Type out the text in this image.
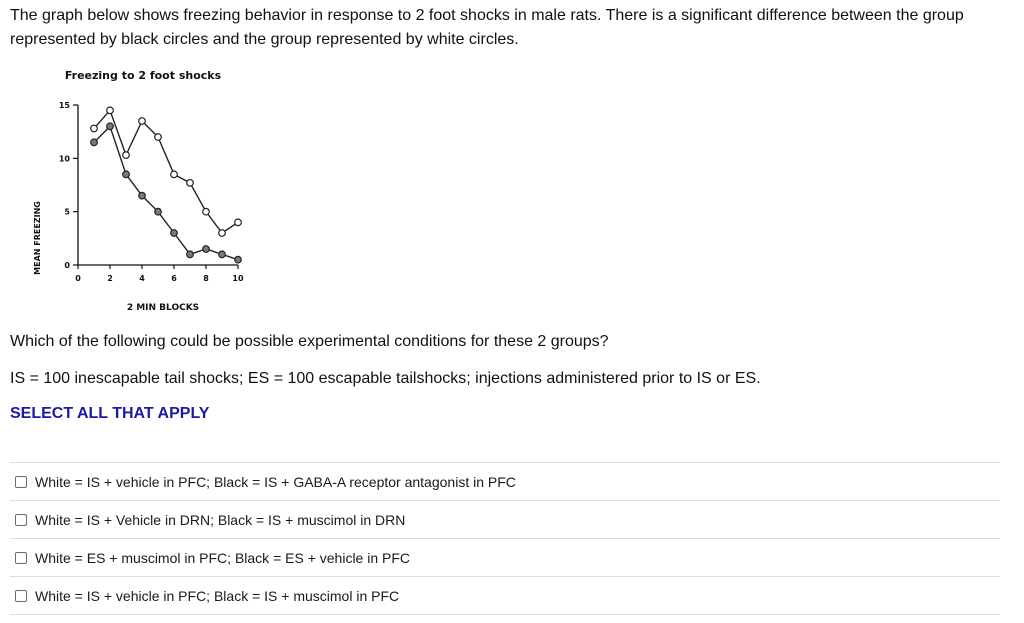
The graph below shows freezing behavior in response to 2 foot shocks in male rats. There is a significant difference between the group represented by black circles and the group represented by white circles.

Freezing to 2 foot shocks
MEAN FREEZING
2 MIN BLOCKS
0
5
10
15
0	2	4	6	8	10

Which of the following could be possible experimental conditions for these 2 groups?

IS = 100 inescapable tail shocks; ES = 100 escapable tailshocks; injections administered prior to IS or ES.

SELECT ALL THAT APPLY

White = IS + vehicle in PFC; Black = IS + GABA-A receptor antagonist in PFC
White = IS + Vehicle in DRN; Black = IS + muscimol in DRN
White = ES + muscimol in PFC; Black = ES + vehicle in PFC
White = IS + vehicle in PFC; Black = IS + muscimol in PFC
